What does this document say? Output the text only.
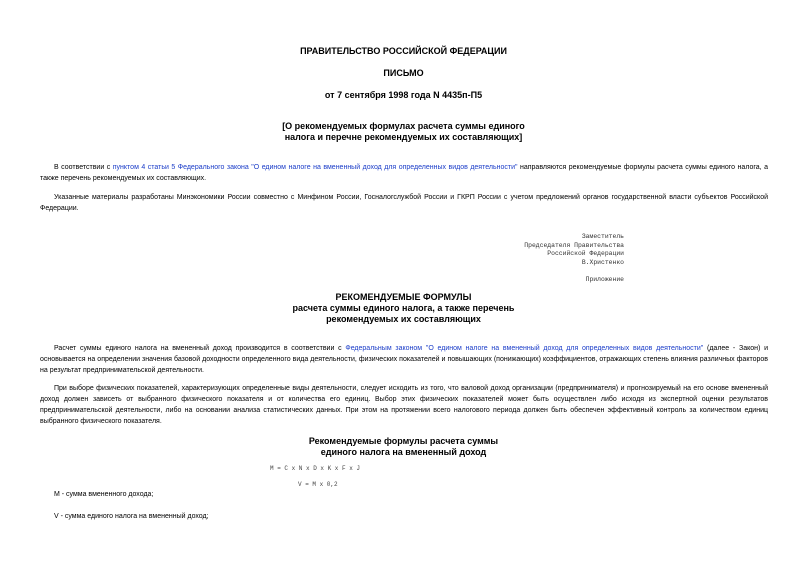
ПРАВИТЕЛЬСТВО РОССИЙСКОЙ ФЕДЕРАЦИИ
ПИСЬМО
от 7 сентября 1998 года N 4435п-П5
[О рекомендуемых формулах расчета суммы единого
налога и перечне рекомендуемых их составляющих]
В соответствии с пунктом 4 статьи 5 Федерального закона "О едином налоге на вмененный доход для определенных видов деятельности" направляются рекомендуемые формулы расчета суммы единого налога, а также перечень рекомендуемых их составляющих.
Указанные материалы разработаны Минэкономики России совместно с Минфином России, Госналогслужбой России и ГКРП России с учетом предложений органов государственной власти субъектов Российской Федерации.
Заместитель
Председателя Правительства
Российской Федерации
В.Христенко
Приложение
РЕКОМЕНДУЕМЫЕ ФОРМУЛЫ
расчета суммы единого налога, а также перечень
рекомендуемых их составляющих
Расчет суммы единого налога на вмененный доход производится в соответствии с Федеральным законом "О едином налоге на вмененный доход для определенных видов деятельности" (далее - Закон) и основывается на определении значения базовой доходности определенного вида деятельности, физических показателей и повышающих (понижающих) коэффициентов, отражающих степень влияния различных факторов на результат предпринимательской деятельности.
При выборе физических показателей, характеризующих определенные виды деятельности, следует исходить из того, что валовой доход организации (предпринимателя) и прогнозируемый на его основе вмененный доход должен зависеть от выбранного физического показателя и от количества его единиц. Выбор этих физических показателей может быть осуществлен либо исходя из экспертной оценки результатов предпринимательской деятельности, либо на основании анализа статистических данных. При этом на протяжении всего налогового периода должен быть обеспечен эффективный контроль за количеством единиц выбранного физического показателя.
Рекомендуемые формулы расчета суммы
единого налога на вмененный доход
M = C x N x D x K x F x J
V = M x 0,2
M - сумма вмененного дохода;
V - сумма единого налога на вмененный доход;
